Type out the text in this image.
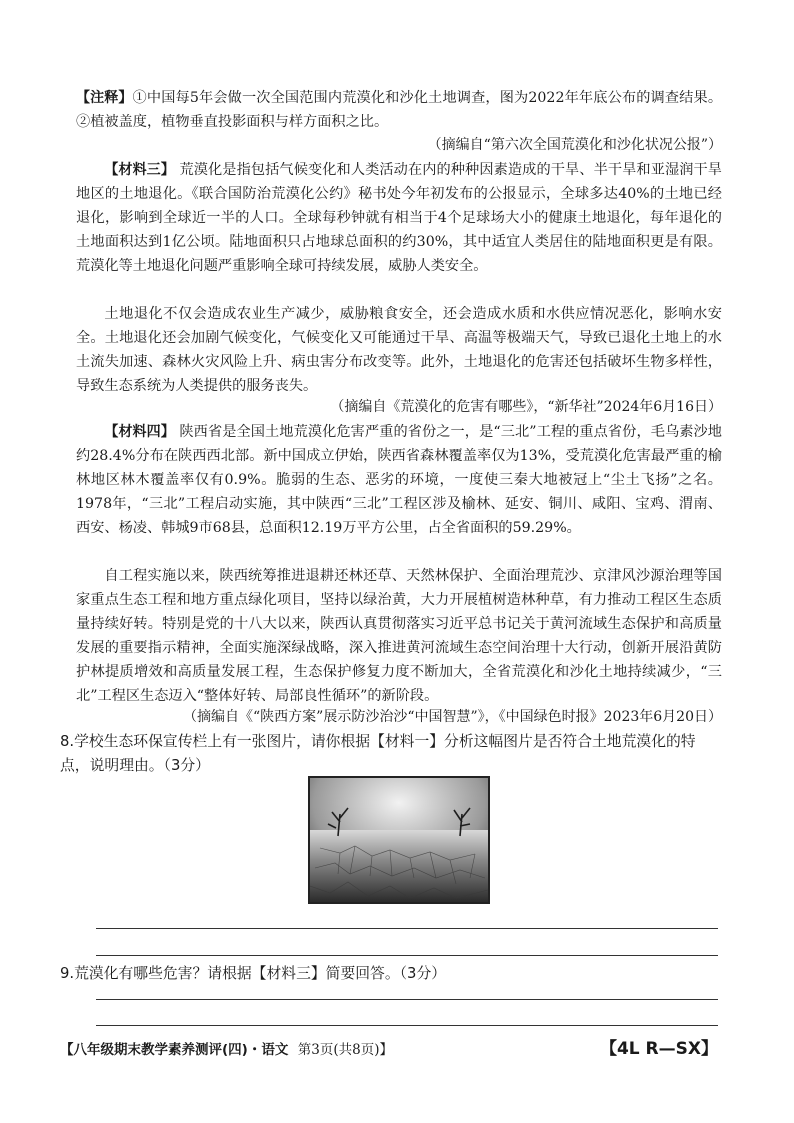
【注释】①中国每5年会做一次全国范围内荒漠化和沙化土地调查，图为2022年年底公布的调查结果。②植被盖度，植物垂直投影面积与样方面积之比。

（摘编自“第六次全国荒漠化和沙化状况公报”）

【材料三】 荒漠化是指包括气候变化和人类活动在内的种种因素造成的干旱、半干旱和亚湿润干旱地区的土地退化。《联合国防治荒漠化公约》秘书处今年初发布的公报显示，全球多达40%的土地已经退化，影响到全球近一半的人口。全球每秒钟就有相当于4个足球场大小的健康土地退化，每年退化的土地面积达到1亿公顷。陆地面积只占地球总面积的约30%，其中适宜人类居住的陆地面积更是有限。荒漠化等土地退化问题严重影响全球可持续发展，威胁人类安全。

土地退化不仅会造成农业生产减少，威胁粮食安全，还会造成水质和水供应情况恶化，影响水安全。土地退化还会加剧气候变化，气候变化又可能通过干旱、高温等极端天气，导致已退化土地上的水土流失加速、森林火灾风险上升、病虫害分布改变等。此外，土地退化的危害还包括破坏生物多样性，导致生态系统为人类提供的服务丧失。

（摘编自《荒漠化的危害有哪些》，“新华社”2024年6月16日）

【材料四】 陕西省是全国土地荒漠化危害严重的省份之一，是“三北”工程的重点省份，毛乌素沙地约28.4%分布在陕西西北部。新中国成立伊始，陕西省森林覆盖率仅为13%，受荒漠化危害最严重的榆林地区林木覆盖率仅有0.9%。脆弱的生态、恶劣的环境，一度使三秦大地被冠上“尘土飞扬”之名。1978年，“三北”工程启动实施，其中陕西“三北”工程区涉及榆林、延安、铜川、咸阳、宝鸡、渭南、西安、杨凌、韩城9市68县，总面积12.19万平方公里，占全省面积的59.29%。

自工程实施以来，陕西统筹推进退耕还林还草、天然林保护、全面治理荒沙、京津风沙源治理等国家重点生态工程和地方重点绿化项目，坚持以绿治黄，大力开展植树造林种草，有力推动工程区生态质量持续好转。特别是党的十八大以来，陕西认真贯彻落实习近平总书记关于黄河流域生态保护和高质量发展的重要指示精神，全面实施深绿战略，深入推进黄河流域生态空间治理十大行动，创新开展沿黄防护林提质增效和高质量发展工程，生态保护修复力度不断加大，全省荒漠化和沙化土地持续减少，“三北”工程区生态迈入“整体好转、局部良性循环”的新阶段。

（摘编自《“陕西方案”展示防沙治沙“中国智慧”》，《中国绿色时报》2023年6月20日）

8.学校生态环保宣传栏上有一张图片，请你根据【材料一】分析这幅图片是否符合土地荒漠化的特点，说明理由。（3分）

9.荒漠化有哪些危害？请根据【材料三】简要回答。（3分）

【八年级期末教学素养测评(四)・语文 第3页(共8页)】	【4L R—SX】
